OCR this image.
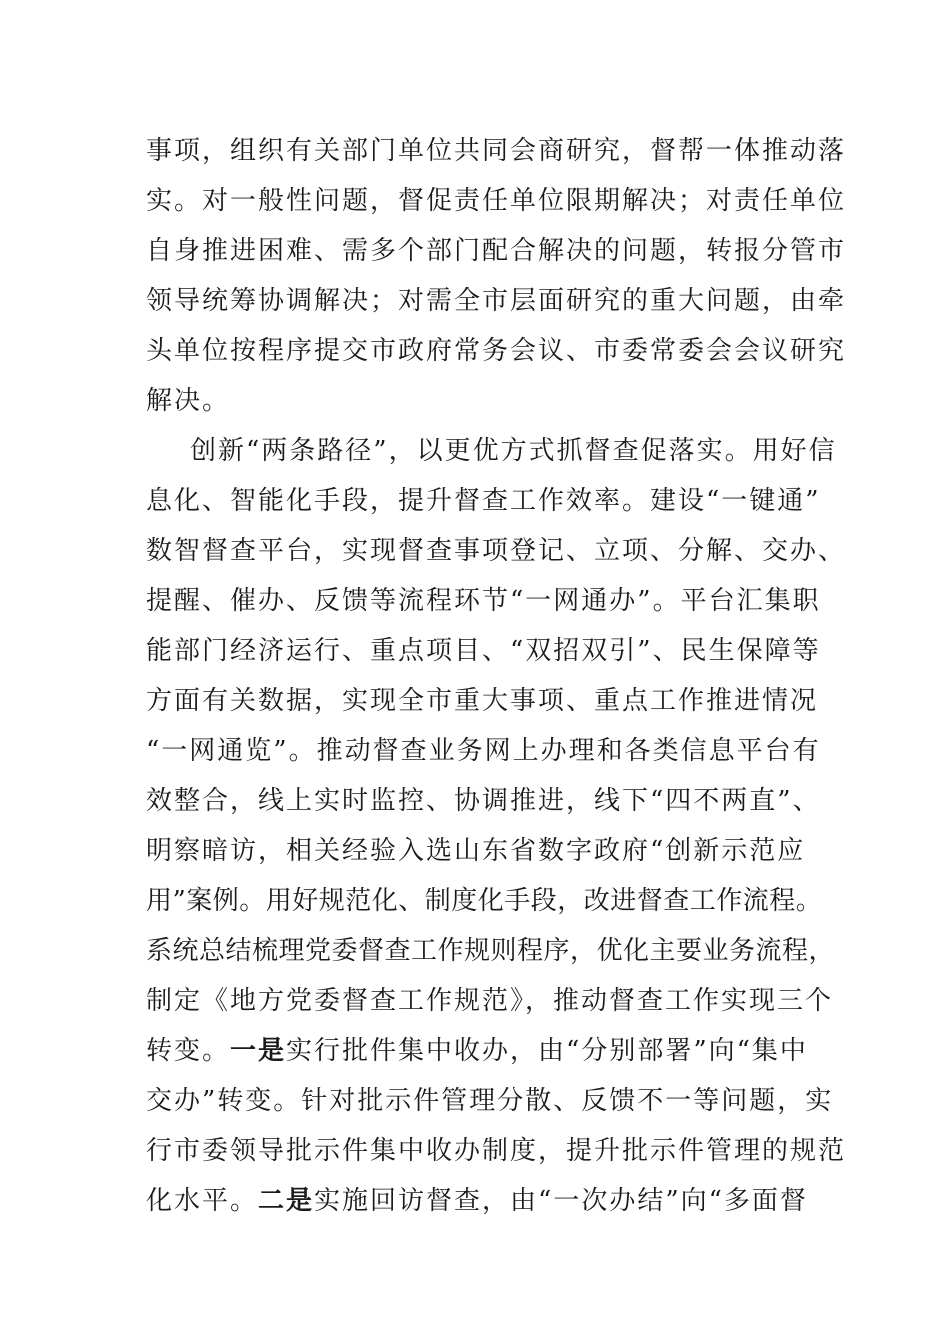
事项，组织有关部门单位共同会商研究，督帮一体推动落
实。对一般性问题，督促责任单位限期解决；对责任单位
自身推进困难、需多个部门配合解决的问题，转报分管市
领导统筹协调解决；对需全市层面研究的重大问题，由牵
头单位按程序提交市政府常务会议、市委常委会会议研究
解决。
创新“两条路径”，以更优方式抓督查促落实。用好信
息化、智能化手段，提升督查工作效率。建设“一键通”
数智督查平台，实现督查事项登记、立项、分解、交办、
提醒、催办、反馈等流程环节“一网通办”。平台汇集职
能部门经济运行、重点项目、“双招双引”、民生保障等
方面有关数据，实现全市重大事项、重点工作推进情况
“一网通览”。推动督查业务网上办理和各类信息平台有
效整合，线上实时监控、协调推进，线下“四不两直”、
明察暗访，相关经验入选山东省数字政府“创新示范应
用”案例。用好规范化、制度化手段，改进督查工作流程。
系统总结梳理党委督查工作规则程序，优化主要业务流程，
制定《地方党委督查工作规范》，推动督查工作实现三个
转变。一是实行批件集中收办，由“分别部署”向“集中
交办”转变。针对批示件管理分散、反馈不一等问题，实
行市委领导批示件集中收办制度，提升批示件管理的规范
化水平。二是实施回访督查，由“一次办结”向“多面督
